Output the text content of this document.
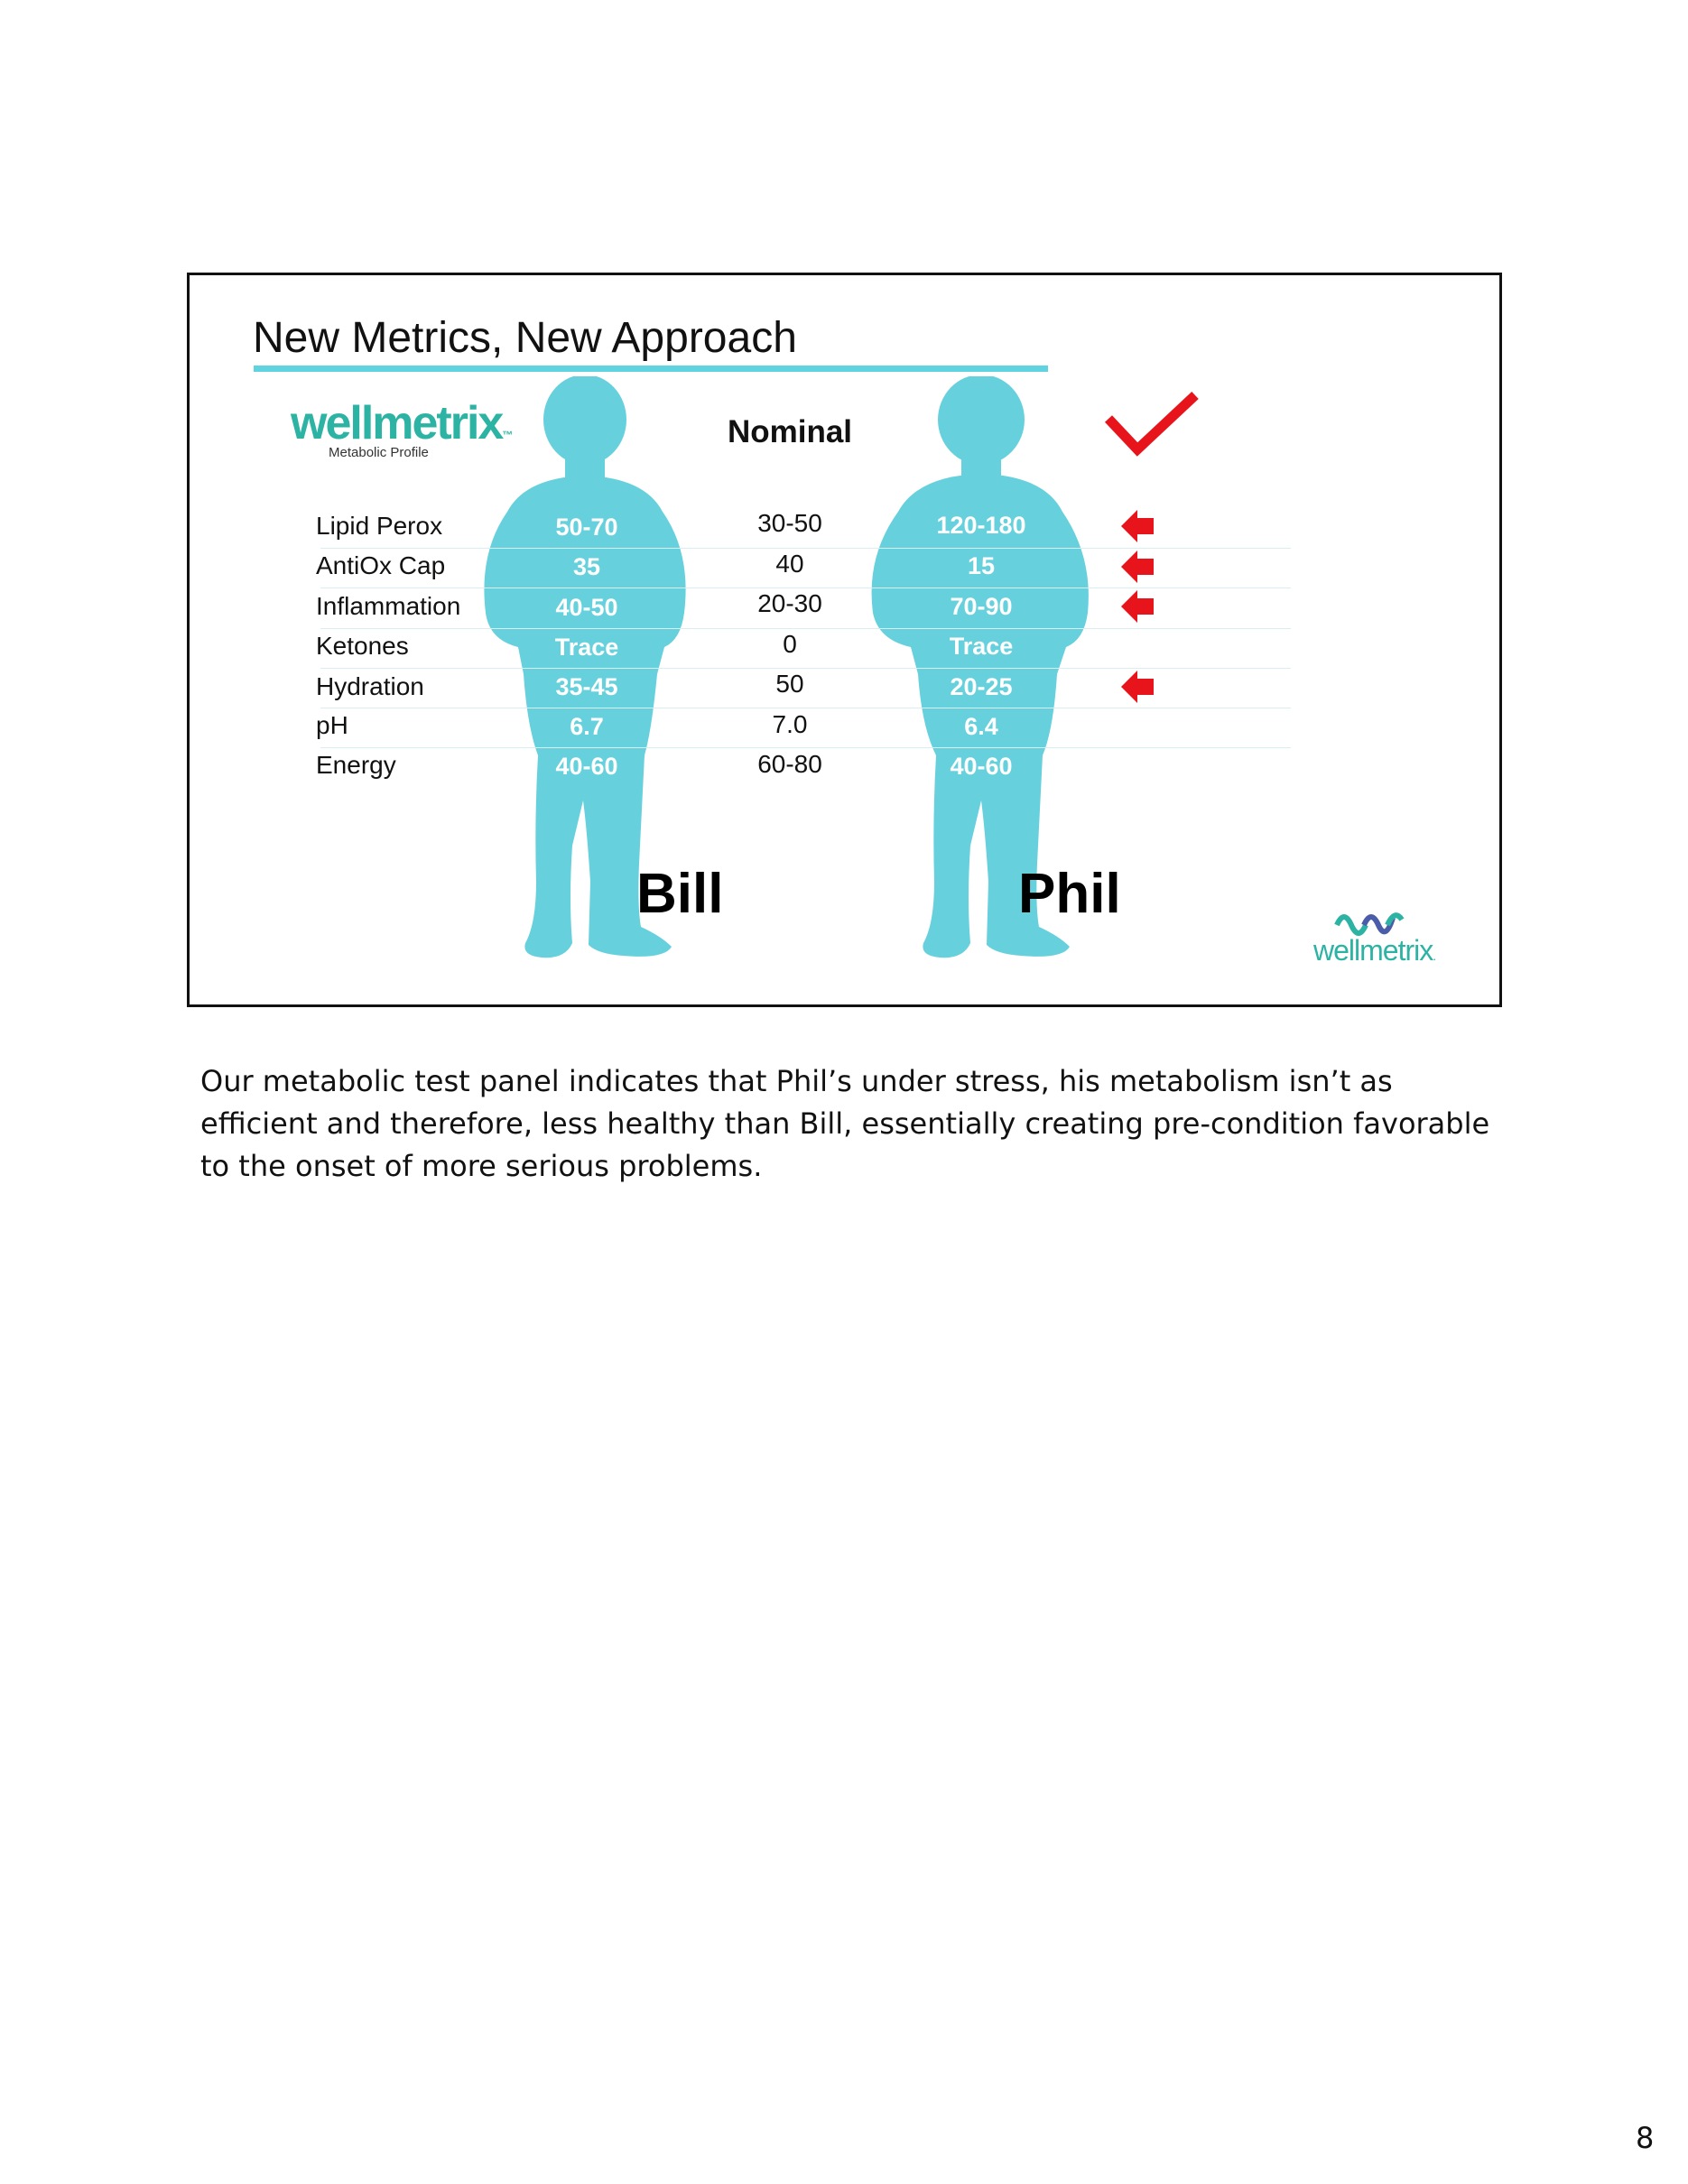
New Metrics, New Approach
wellmetrix™
Metabolic Profile
Nominal
Lipid Perox	50-70	30-50	120-180
AntiOx Cap	35	40	15
Inflammation	40-50	20-30	70-90
Ketones	Trace	0	Trace
Hydration	35-45	50	20-25
pH	6.7	7.0	6.4
Energy	40-60	60-80	40-60
Bill	Phil
wellmetrix.
Our metabolic test panel indicates that Phil’s under stress, his metabolism isn’t as efficient and therefore, less healthy than Bill, essentially creating pre-condition favorable to the onset of more serious problems.
8
